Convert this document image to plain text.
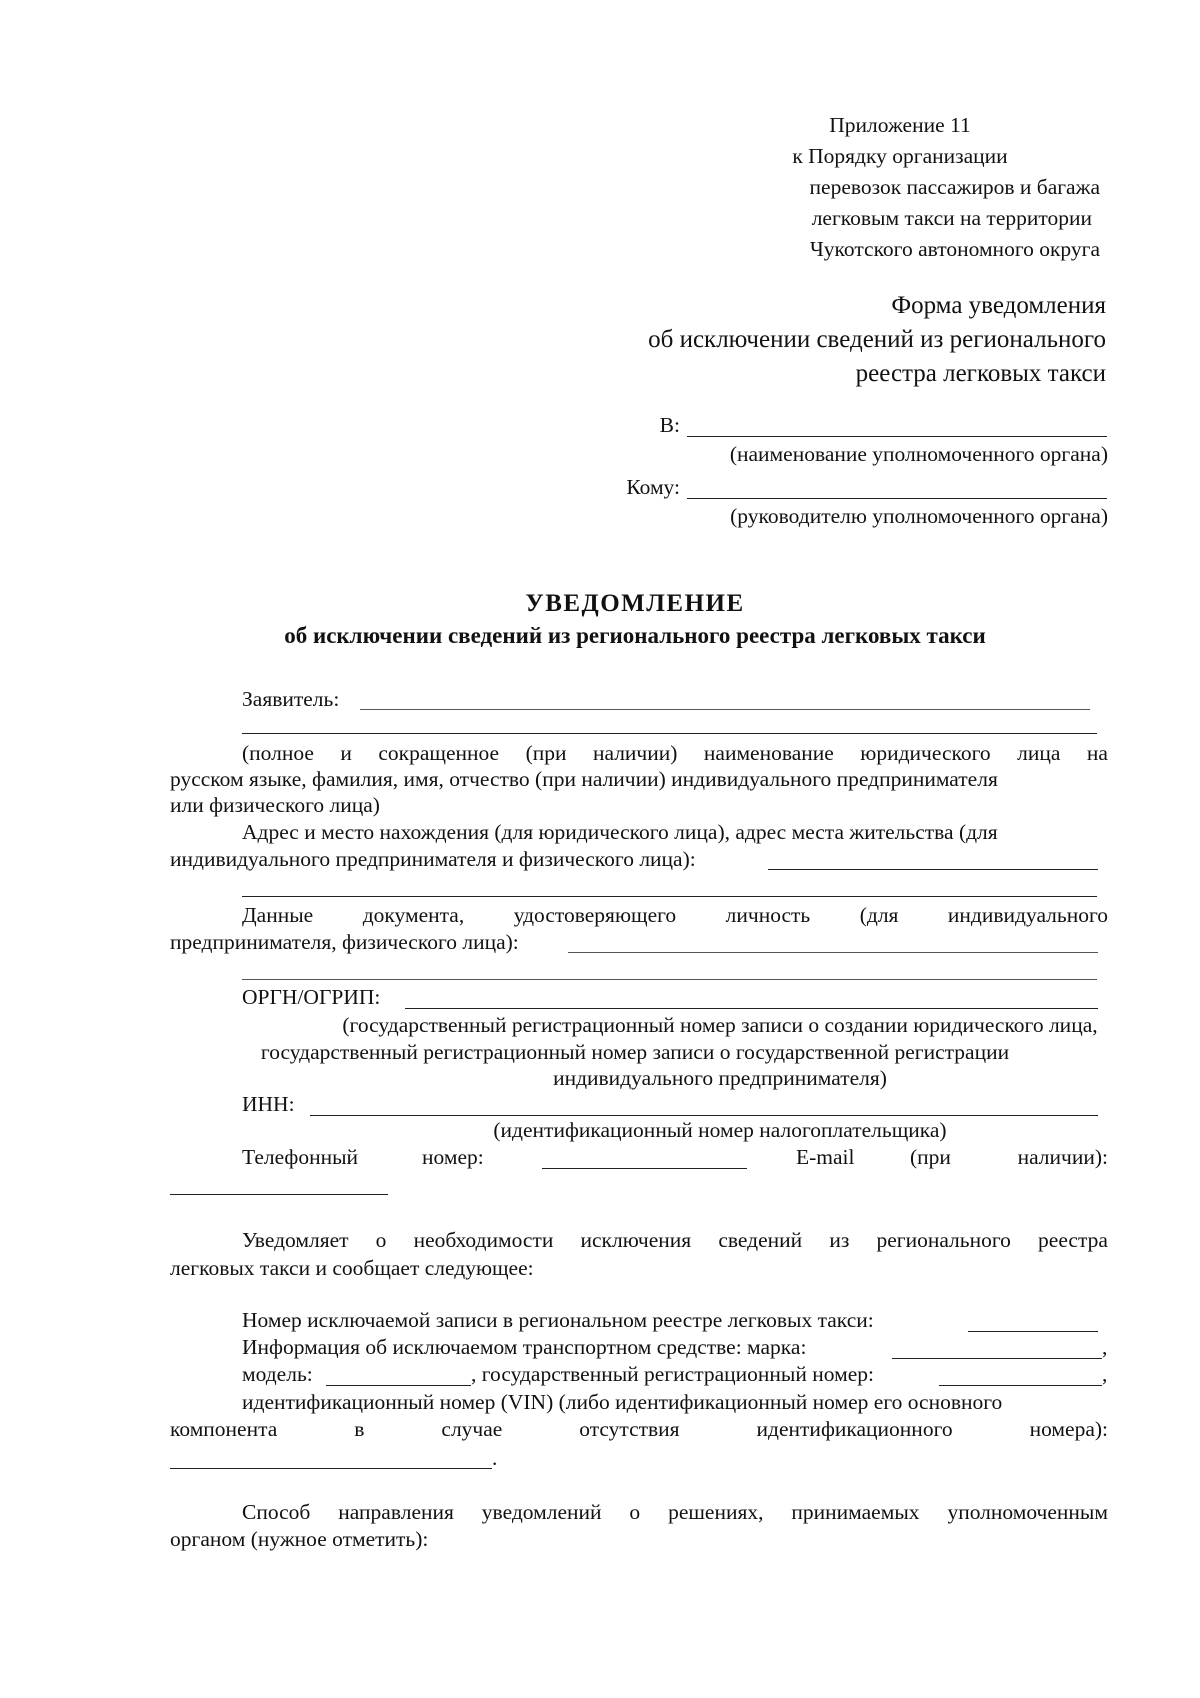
Приложение 11
к Порядку организации
перевозок пассажиров и багажа
легковым такси на территории
Чукотского автономного округа
Форма уведомления
об исключении сведений из регионального
реестра легковых такси
В:
(наименование уполномоченного органа)
Кому:
(руководителю уполномоченного органа)
УВЕДОМЛЕНИЕ
об исключении сведений из регионального реестра легковых такси
Заявитель:
(полное и сокращенное (при наличии) наименование юридического лица на
русском языке, фамилия, имя, отчество (при наличии) индивидуального предпринимателя
или физического лица)
Адрес и место нахождения (для юридического лица), адрес места жительства (для
индивидуального предпринимателя и физического лица):
Данные документа, удостоверяющего личность (для индивидуального
предпринимателя, физического лица):
ОРГН/ОГРИП:
(государственный регистрационный номер записи о создании юридического лица,
государственный регистрационный номер записи о государственной регистрации
индивидуального предпринимателя)
ИНН:
(идентификационный номер налогоплательщика)
Телефонный	номер:	E-mail	(при	наличии):
Уведомляет о необходимости исключения сведений из регионального реестра
легковых такси и сообщает следующее:
Номер исключаемой записи в региональном реестре легковых такси:
Информация об исключаемом транспортном средстве: марка:	,
модель:	, государственный регистрационный номер:	,
идентификационный номер (VIN) (либо идентификационный номер его основного
компонента	в	случае	отсутствия	идентификационного	номера):
.
Способ направления уведомлений о решениях, принимаемых уполномоченным
органом (нужное отметить):
